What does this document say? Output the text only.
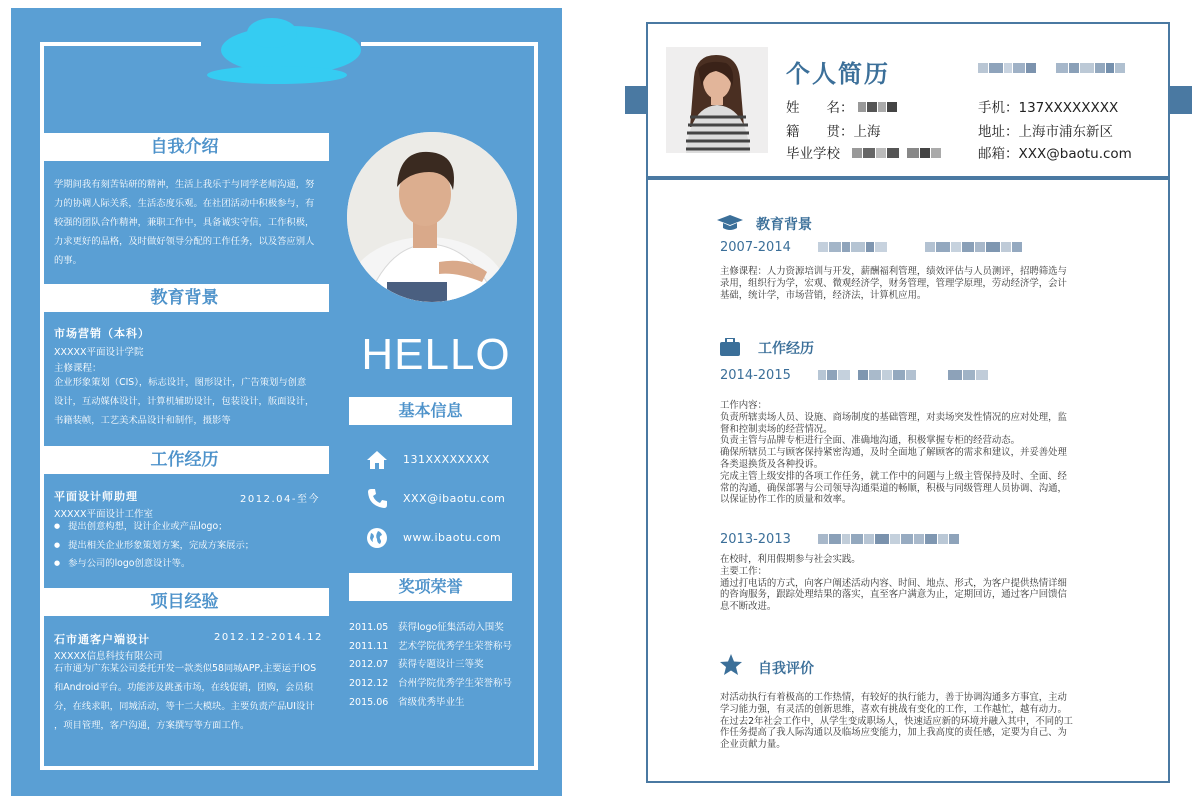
自我介绍
学期间我有刻苦钻研的精神，生活上我乐于与同学老师沟通，努
力的协调人际关系，生活态度乐观。在社团活动中积极参与，有
较强的团队合作精神，兼职工作中，具备诚实守信，工作积极，
力求更好的品格，及时做好领导分配的工作任务，以及答应别人
的事。
教育背景
市场营销（本科）
XXXXX平面设计学院
主修课程：
企业形象策划（CIS），标志设计，图形设计，广告策划与创意
设计，互动媒体设计，计算机辅助设计，包装设计，版面设计，
书籍装帧，工艺美术品设计和制作，摄影等
工作经历
平面设计师助理	2012.04-至今
XXXXX平面设计工作室
● 提出创意构想，设计企业或产品logo；
● 提出相关企业形象策划方案，完成方案展示；
● 参与公司的logo创意设计等。
项目经验
石市通客户端设计	2012.12-2014.12
XXXXX信息科技有限公司
石市通为广东某公司委托开发一款类似58同城APP,主要运于IOS
和Android平台。功能涉及跳蚤市场，在线促销，团购，会员积
分，在线求职，同城活动，等十二大模块。主要负责产品UI设计
，项目管理，客户沟通，方案撰写等方面工作。
HELLO
基本信息
131XXXXXXXX
XXX@ibaotu.com
www.ibaotu.com
奖项荣誉
2011.05 获得logo征集活动入围奖
2011.11 艺术学院优秀学生荣誉称号
2012.07 获得专题设计三等奖
2012.12 台州学院优秀学生荣誉称号
2015.06 省级优秀毕业生
个人简历
姓　　名：
籍　　贯：上海
毕业学校
手机：137XXXXXXXX
地址：上海市浦东新区
邮箱：XXX@baotu.com
教育背景
2007-2014
主修课程：人力资源培训与开发，薪酬福利管理，绩效评估与人员测评，招聘筛选与
录用，组织行为学，宏观、微观经济学，财务管理，管理学原理，劳动经济学，会计
基础，统计学，市场营销，经济法，计算机应用。
工作经历
2014-2015
工作内容：
负责所辖卖场人员、设施、商场制度的基础管理，对卖场突发性情况的应对处理，监
督和控制卖场的经营情况。
负责主管与品牌专柜进行全面、准确地沟通，积极掌握专柜的经营动态。
确保所辖员工与顾客保持紧密沟通，及时全面地了解顾客的需求和建议，并妥善处理
各类退换货及各种投诉。
完成主管上级安排的各项工作任务，就工作中的问题与上级主管保持及时、全面、经
常的沟通，确保部署与公司领导沟通渠道的畅顺，积极与同级管理人员协调、沟通，
以保证协作工作的质量和效率。
2013-2013
在校时，利用假期参与社会实践。
主要工作：
通过打电话的方式，向客户阐述活动内容、时间、地点、形式，为客户提供热情详细
的咨询服务，跟踪处理结果的落实，直至客户满意为止，定期回访，通过客户回馈信
息不断改进。
自我评价
对活动执行有着极高的工作热情，有较好的执行能力，善于协调沟通多方事宜，主动
学习能力强，有灵活的创新思维，喜欢有挑战有变化的工作，工作越忙，越有动力。
在过去2年社会工作中，从学生变成职场人，快速适应新的环境并融入其中，不同的工
作任务提高了我人际沟通以及临场应变能力，加上我高度的责任感，定要为自己、为
企业贡献力量。
